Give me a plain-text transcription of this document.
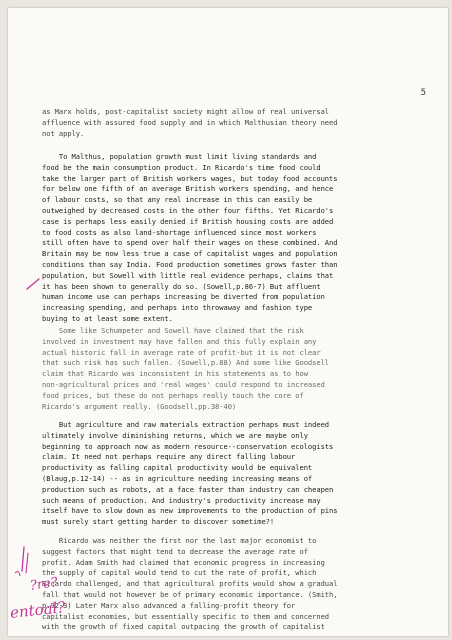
5

as Marx holds, post-capitalist society might allow of real universal
affluence with assured food supply and in which Malthusian theory need
not apply.

To Malthus, population growth must limit living standards and
food be the main consumption product. In Ricardo's time food could
take the larger part of British workers wages, but today food accounts
for below one fifth of an average British workers spending, and hence
of labour costs, so that any real increase in this can easily be
outweighed by decreased costs in the other four fifths. Yet Ricardo's
case is perhaps less easily denied if British housing costs are added
to food costs as also land-shortage influenced since most workers
still often have to spend over half their wages on these combined. And
Britain may be now less true a case of capitalist wages and population
conditions than say India. Food production sometimes grows faster than
population, but Sowell with little real evidence perhaps, claims that
it has been shown to generally do so. (Sowell,p.86-7) But affluent
human income use can perhaps increasing be diverted from population
increasing spending, and perhaps into throwaway and fashion type
buying to at least some extent.

Some like Schumpeter and Sowell have claimed that the risk
involved in investment may have fallen and this fully explain any
actual historic fall in average rate of profit-but it is not clear
that such risk has such fallen. (Sowell,p.88) And some like Goodsell
claim that Ricardo was inconsistent in his statements as to how
non-agricultural prices and 'real wages' could respond to increased
food prices, but these do not perhaps really touch the core of
Ricardo's argument really. (Goodsell,pp.38-40)

But agriculture and raw materials extraction perhaps must indeed
ultimately involve diminishing returns, which we are maybe only
beginning to approach now as modern resource--conservation ecologists
claim. It need not perhaps require any direct falling labour
productivity as falling capital productivity would be equivalent
(Blaug,p.12-14) -- as in agriculture needing increasing means of
production such as robots, at a face faster than industry can cheapen
such means of production. And industry's productivity increase may
itself have to slow down as new improvements to the production of pins
must surely start getting harder to discover sometime?!

Ricardo was neither the first nor the last major economist to
suggest factors that might tend to decrease the average rate of
profit. Adam Smith had claimed that economic progress in increasing
the supply of capital would tend to cut the rate of profit, which
Ricardo challenged, and that agricultural profits would show a gradual
fall that would not however be of primary economic importance. (Smith,
p.92-3) Later Marx also advanced a falling-profit theory for
capitalist economies, but essentially specific to them and concerned
with the growth of fixed capital outpacing the growth of capitalist

?re?
entoal?
